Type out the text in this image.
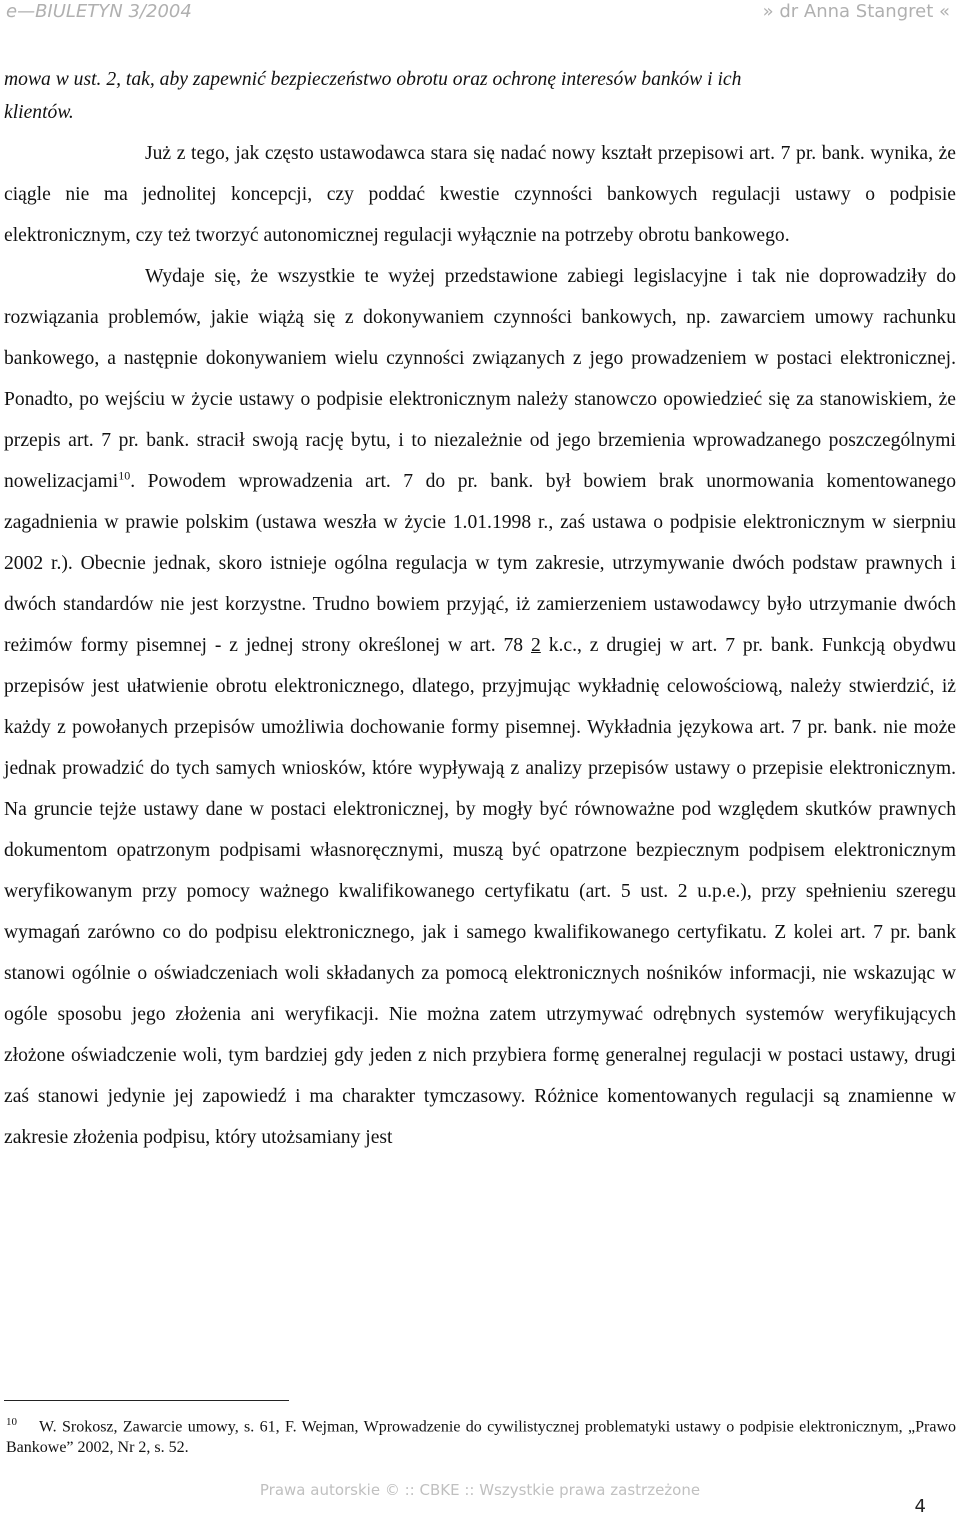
e—BIULETYN 3/2004	» dr Anna Stangret «

mowa w ust. 2, tak, aby zapewnić bezpieczeństwo obrotu oraz ochronę interesów banków i ich
klientów.

Już z tego, jak często ustawodawca stara się nadać nowy kształt przepisowi art. 7 pr. bank. wynika, że ciągle nie ma jednolitej koncepcji, czy poddać kwestie czynności bankowych regulacji ustawy o podpisie elektronicznym, czy też tworzyć autonomicznej regulacji wyłącznie na potrzeby obrotu bankowego.

Wydaje się, że wszystkie te wyżej przedstawione zabiegi legislacyjne i tak nie doprowadziły do rozwiązania problemów, jakie wiążą się z dokonywaniem czynności bankowych, np. zawarciem umowy rachunku bankowego, a następnie dokonywaniem wielu czynności związanych z jego prowadzeniem w postaci elektronicznej. Ponadto, po wejściu w życie ustawy o podpisie elektronicznym należy stanowczo opowiedzieć się za stanowiskiem, że przepis art. 7 pr. bank. stracił swoją rację bytu, i to niezależnie od jego brzemienia wprowadzanego poszczególnymi nowelizacjami$^{10}$. Powodem wprowadzenia art. 7 do pr. bank. był bowiem brak unormowania komentowanego zagadnienia w prawie polskim (ustawa weszła w życie 1.01.1998 r., zaś ustawa o podpisie elektronicznym w sierpniu 2002 r.). Obecnie jednak, skoro istnieje ogólna regulacja w tym zakresie, utrzymywanie dwóch podstaw prawnych i dwóch standardów nie jest korzystne. Trudno bowiem przyjąć, iż zamierzeniem ustawodawcy było utrzymanie dwóch reżimów formy pisemnej - z jednej strony określonej w art. 78 2 k.c., z drugiej w art. 7 pr. bank. Funkcją obydwu przepisów jest ułatwienie obrotu elektronicznego, dlatego, przyjmując wykładnię celowościową, należy stwierdzić, iż każdy z powołanych przepisów umożliwia dochowanie formy pisemnej. Wykładnia językowa art. 7 pr. bank. nie może jednak prowadzić do tych samych wniosków, które wypływają z analizy przepisów ustawy o przepisie elektronicznym. Na gruncie tejże ustawy dane w postaci elektronicznej, by mogły być równoważne pod względem skutków prawnych dokumentom opatrzonym podpisami własnoręcznymi, muszą być opatrzone bezpiecznym podpisem elektronicznym weryfikowanym przy pomocy ważnego kwalifikowanego certyfikatu (art. 5 ust. 2 u.p.e.), przy spełnieniu szeregu wymagań zarówno co do podpisu elektronicznego, jak i samego kwalifikowanego certyfikatu. Z kolei art. 7 pr. bank stanowi ogólnie o oświadczeniach woli składanych za pomocą elektronicznych nośników informacji, nie wskazując w ogóle sposobu jego złożenia ani weryfikacji. Nie można zatem utrzymywać odrębnych systemów weryfikujących złożone oświadczenie woli, tym bardziej gdy jeden z nich przybiera formę generalnej regulacji w postaci ustawy, drugi zaś stanowi jedynie jej zapowiedź i ma charakter tymczasowy. Różnice komentowanych regulacji są znamienne w zakresie złożenia podpisu, który utożsamiany jest

$^{10}$ W. Srokosz, Zawarcie umowy, s. 61, F. Wejman, Wprowadzenie do cywilistycznej problematyki ustawy o podpisie elektronicznym, „Prawo Bankowe” 2002, Nr 2, s. 52.
Prawa autorskie © :: CBKE :: Wszystkie prawa zastrzeżone
4
